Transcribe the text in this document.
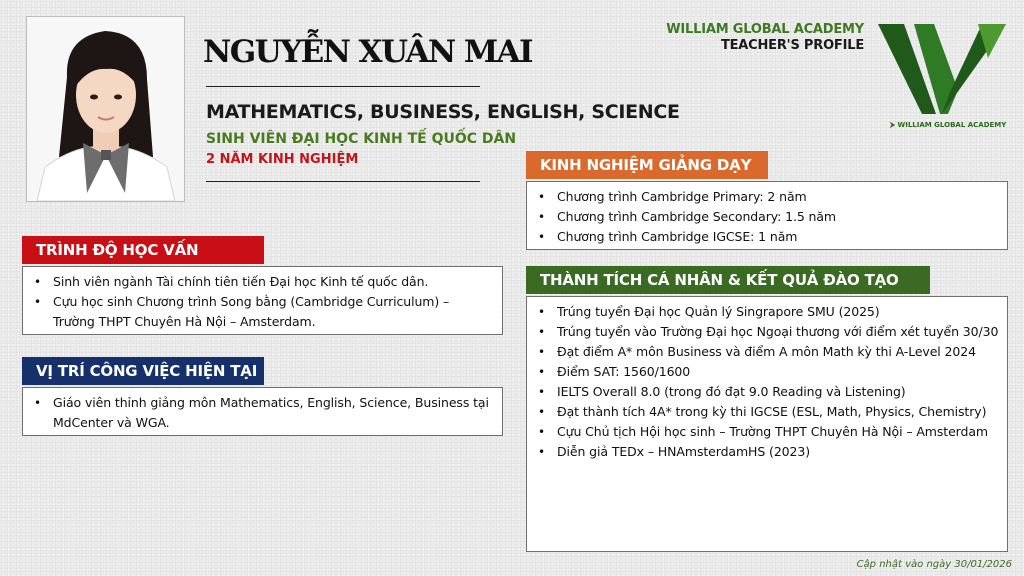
NGUYỄN XUÂN MAI
MATHEMATICS, BUSINESS, ENGLISH, SCIENCE
SINH VIÊN ĐẠI HỌC KINH TẾ QUỐC DÂN
2 NĂM KINH NGHIỆM
WILLIAM GLOBAL ACADEMY
TEACHER'S PROFILE
⮞ WILLIAM GLOBAL ACADEMY
TRÌNH ĐỘ HỌC VẤN
• Sinh viên ngành Tài chính tiên tiến Đại học Kinh tế quốc dân.
• Cựu học sinh Chương trình Song bằng (Cambridge Curriculum) – Trường THPT Chuyên Hà Nội – Amsterdam.
VỊ TRÍ CÔNG VIỆC HIỆN TẠI
• Giáo viên thỉnh giảng môn Mathematics, English, Science, Business tại MdCenter và WGA.
KINH NGHIỆM GIẢNG DẠY
• Chương trình Cambridge Primary: 2 năm
• Chương trình Cambridge Secondary: 1.5 năm
• Chương trình Cambridge IGCSE: 1 năm
THÀNH TÍCH CÁ NHÂN & KẾT QUẢ ĐÀO TẠO
• Trúng tuyển Đại học Quản lý Singrapore SMU (2025)
• Trúng tuyển vào Trường Đại học Ngoại thương với điểm xét tuyển 30/30
• Đạt điểm A* môn Business và điểm A môn Math kỳ thi A-Level 2024
• Điểm SAT: 1560/1600
• IELTS Overall 8.0 (trong đó đạt 9.0 Reading và Listening)
• Đạt thành tích 4A* trong kỳ thi IGCSE (ESL, Math, Physics, Chemistry)
• Cựu Chủ tịch Hội học sinh – Trường THPT Chuyên Hà Nội – Amsterdam
• Diễn giả TEDx – HNAmsterdamHS (2023)
Cập nhật vào ngày 30/01/2026
